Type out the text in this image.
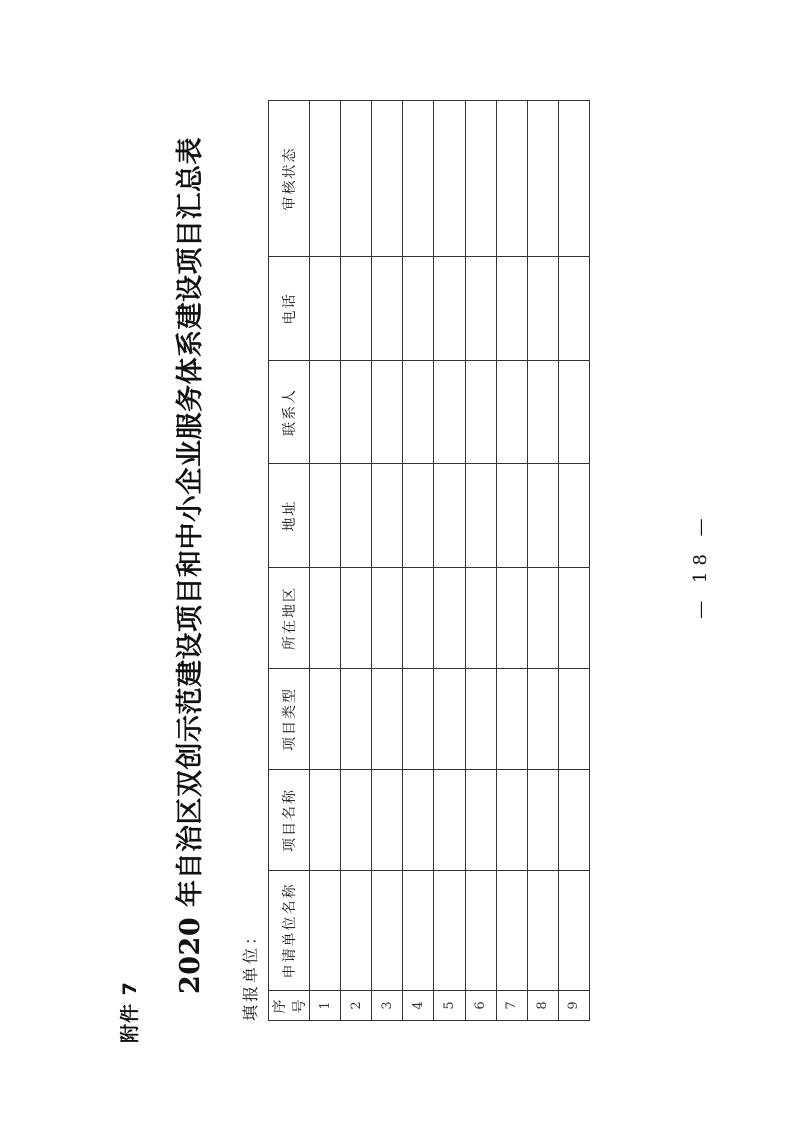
附件 7
2020 年自治区双创示范建设项目和中小企业服务体系建设项目汇总表 填报单位： 序号	申请单位名称	项目名称	项目类型	所在地区	地址	联系人	电话	审核状态
1								
2								
3								
4								
5								
6								
7								
8								
9								
— 18 —
